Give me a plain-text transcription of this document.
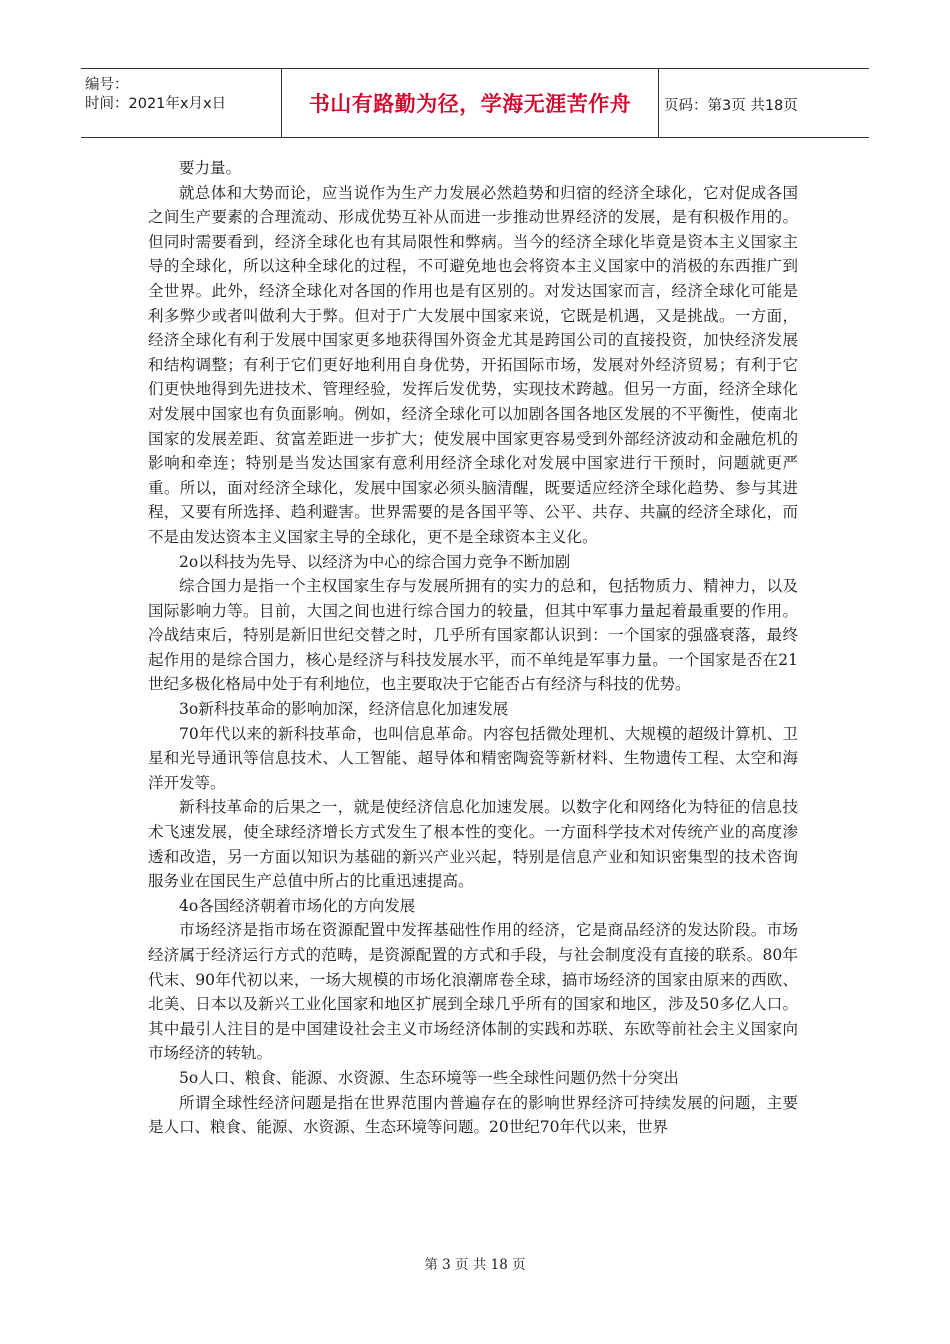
编号：
时间：2021年x月x日	书山有路勤为径，学海无涯苦作舟	页码：第3页 共18页

要力量。

就总体和大势而论，应当说作为生产力发展必然趋势和归宿的经济全球化，它对促成各国之间生产要素的合理流动、形成优势互补从而进一步推动世界经济的发展，是有积极作用的。但同时需要看到，经济全球化也有其局限性和弊病。当今的经济全球化毕竟是资本主义国家主导的全球化，所以这种全球化的过程，不可避免地也会将资本主义国家中的消极的东西推广到全世界。此外，经济全球化对各国的作用也是有区别的。对发达国家而言，经济全球化可能是利多弊少或者叫做利大于弊。但对于广大发展中国家来说，它既是机遇，又是挑战。一方面，经济全球化有利于发展中国家更多地获得国外资金尤其是跨国公司的直接投资，加快经济发展和结构调整；有利于它们更好地利用自身优势，开拓国际市场，发展对外经济贸易；有利于它们更快地得到先进技术、管理经验，发挥后发优势，实现技术跨越。但另一方面，经济全球化对发展中国家也有负面影响。例如，经济全球化可以加剧各国各地区发展的不平衡性，使南北国家的发展差距、贫富差距进一步扩大；使发展中国家更容易受到外部经济波动和金融危机的影响和牵连；特别是当发达国家有意利用经济全球化对发展中国家进行干预时，问题就更严重。所以，面对经济全球化，发展中国家必须头脑清醒，既要适应经济全球化趋势、参与其进程，又要有所选择、趋利避害。世界需要的是各国平等、公平、共存、共赢的经济全球化，而不是由发达资本主义国家主导的全球化，更不是全球资本主义化。

2o以科技为先导、以经济为中心的综合国力竞争不断加剧

综合国力是指一个主权国家生存与发展所拥有的实力的总和，包括物质力、精神力，以及国际影响力等。目前，大国之间也进行综合国力的较量，但其中军事力量起着最重要的作用。冷战结束后，特别是新旧世纪交替之时，几乎所有国家都认识到：一个国家的强盛衰落，最终起作用的是综合国力，核心是经济与科技发展水平，而不单纯是军事力量。一个国家是否在21世纪多极化格局中处于有利地位，也主要取决于它能否占有经济与科技的优势。

3o新科技革命的影响加深，经济信息化加速发展

70年代以来的新科技革命，也叫信息革命。内容包括微处理机、大规模的超级计算机、卫星和光导通讯等信息技术、人工智能、超导体和精密陶瓷等新材料、生物遗传工程、太空和海洋开发等。

新科技革命的后果之一，就是使经济信息化加速发展。以数字化和网络化为特征的信息技术飞速发展，使全球经济增长方式发生了根本性的变化。一方面科学技术对传统产业的高度渗透和改造，另一方面以知识为基础的新兴产业兴起，特别是信息产业和知识密集型的技术咨询服务业在国民生产总值中所占的比重迅速提高。

4o各国经济朝着市场化的方向发展

市场经济是指市场在资源配置中发挥基础性作用的经济，它是商品经济的发达阶段。市场经济属于经济运行方式的范畴，是资源配置的方式和手段，与社会制度没有直接的联系。80年代末、90年代初以来，一场大规模的市场化浪潮席卷全球，搞市场经济的国家由原来的西欧、北美、日本以及新兴工业化国家和地区扩展到全球几乎所有的国家和地区，涉及50多亿人口。其中最引人注目的是中国建设社会主义市场经济体制的实践和苏联、东欧等前社会主义国家向市场经济的转轨。

5o人口、粮食、能源、水资源、生态环境等一些全球性问题仍然十分突出

所谓全球性经济问题是指在世界范围内普遍存在的影响世界经济可持续发展的问题，主要是人口、粮食、能源、水资源、生态环境等问题。20世纪70年代以来，世界

第 3 页 共 18 页
